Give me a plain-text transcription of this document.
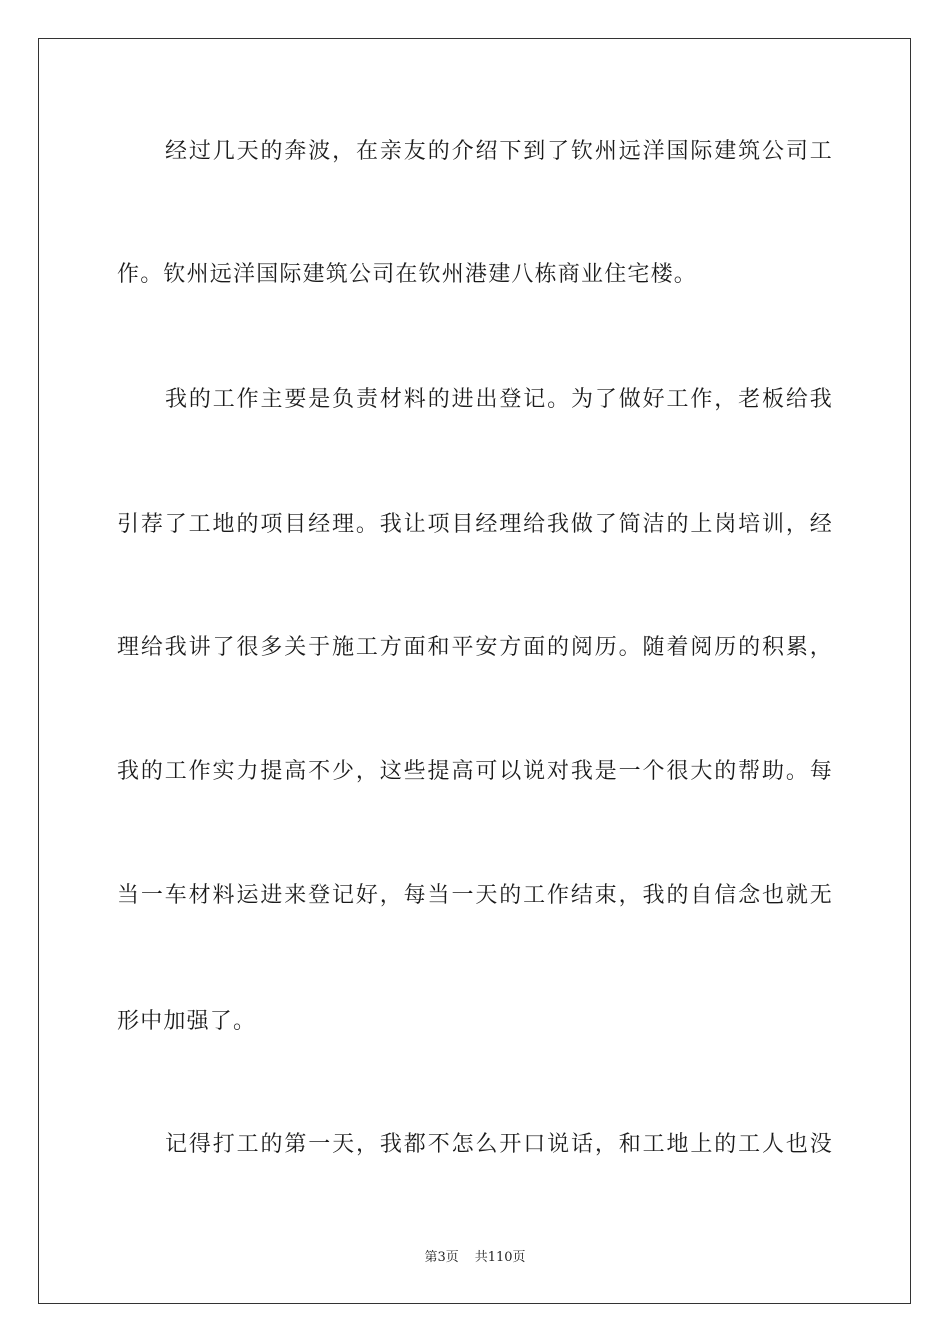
经过几天的奔波，在亲友的介绍下到了钦州远洋国际建筑公司工
作。钦州远洋国际建筑公司在钦州港建八栋商业住宅楼。
我的工作主要是负责材料的进出登记。为了做好工作，老板给我
引荐了工地的项目经理。我让项目经理给我做了简洁的上岗培训，经
理给我讲了很多关于施工方面和平安方面的阅历。随着阅历的积累，
我的工作实力提高不少，这些提高可以说对我是一个很大的帮助。每
当一车材料运进来登记好，每当一天的工作结束，我的自信念也就无
形中加强了。
记得打工的第一天，我都不怎么开口说话，和工地上的工人也没
第3页 共110页
